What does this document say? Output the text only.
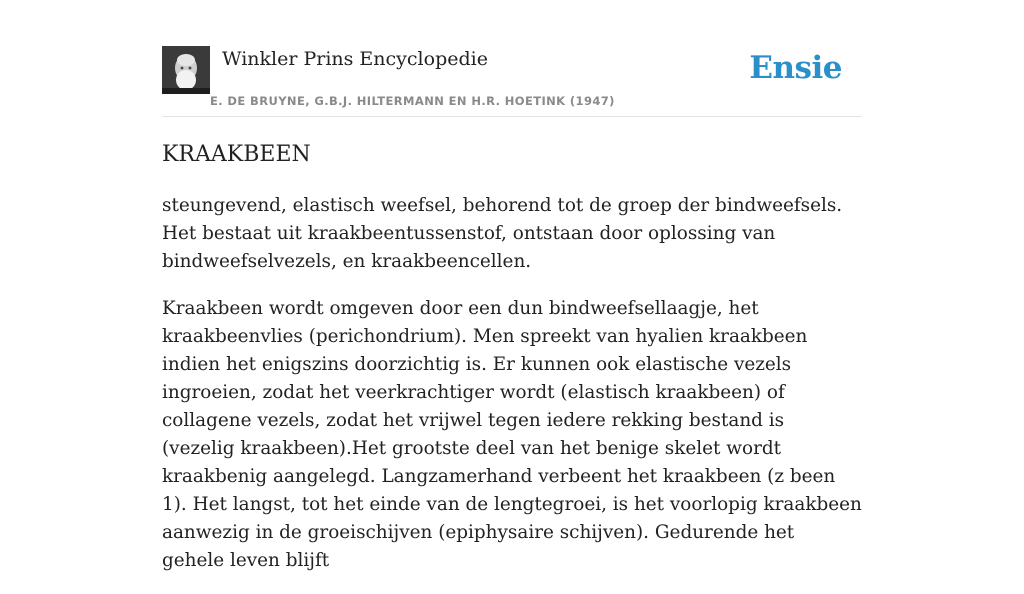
Winkler Prins Encyclopedie
E. DE BRUYNE, G.B.J. HILTERMANN EN H.R. HOETINK (1947)
Ensie
KRAAKBEEN

steungevend, elastisch weefsel, behorend tot de groep der bindweefsels. Het bestaat uit kraakbeentussenstof, ontstaan door oplossing van bindweefselvezels, en kraakbeencellen.

Kraakbeen wordt omgeven door een dun bindweefsellaagje, het kraakbeenvlies (perichondrium). Men spreekt van hyalien kraakbeen indien het enigszins doorzichtig is. Er kunnen ook elastische vezels ingroeien, zodat het veerkrachtiger wordt (elastisch kraakbeen) of collagene vezels, zodat het vrijwel tegen iedere rekking bestand is (vezelig kraakbeen).Het grootste deel van het benige skelet wordt kraakbenig aangelegd. Langzamerhand verbeent het kraakbeen (z been 1). Het langst, tot het einde van de lengtegroei, is het voorlopig kraakbeen aanwezig in de groeischijven (epiphysaire schijven). Gedurende het gehele leven blijft
